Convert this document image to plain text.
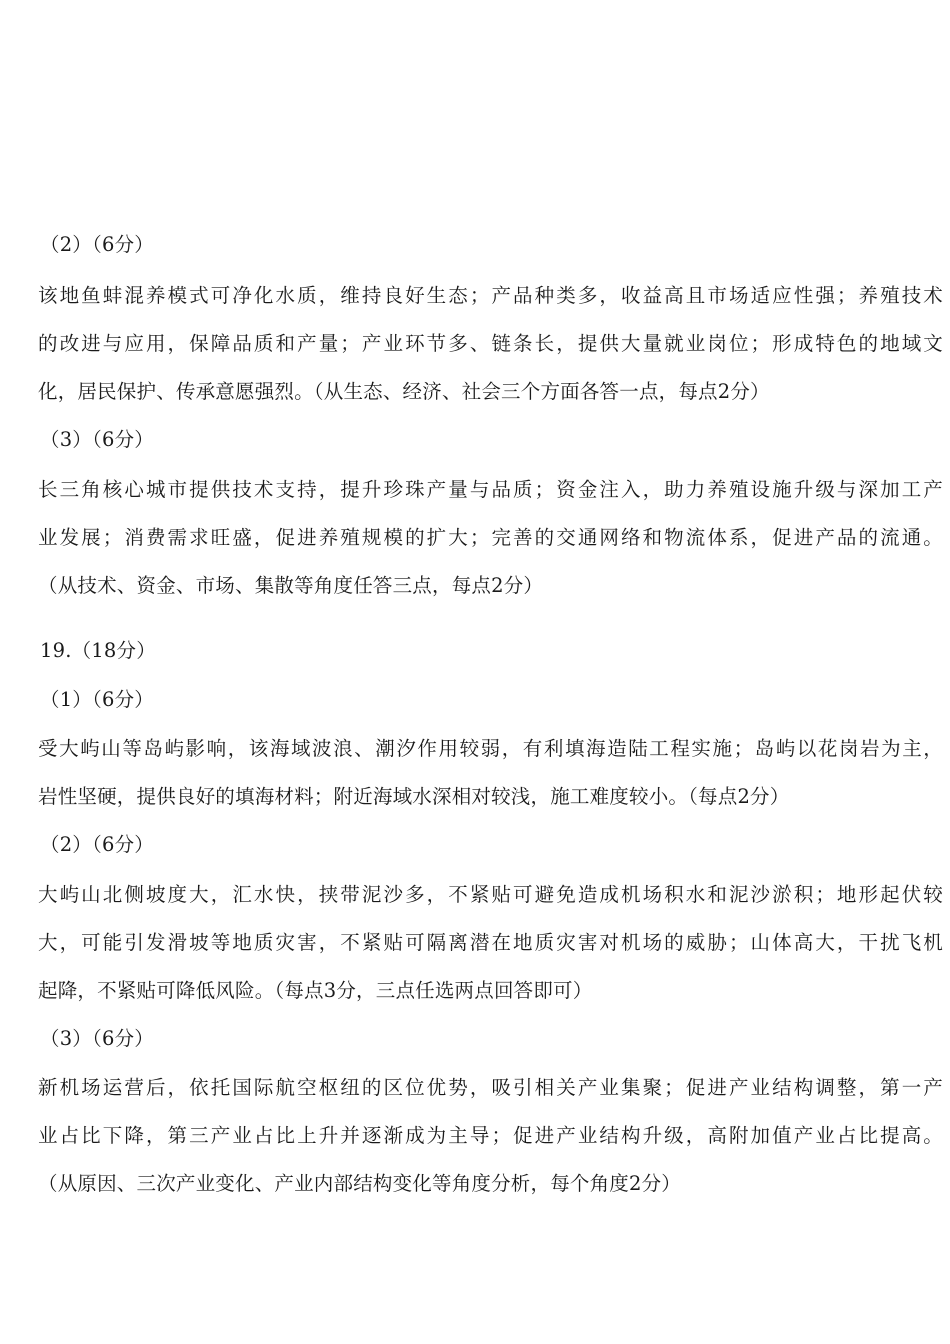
（2）（6分）
该地鱼蚌混养模式可净化水质，维持良好生态；产品种类多，收益高且市场适应性强；养殖技术
的改进与应用，保障品质和产量；产业环节多、链条长，提供大量就业岗位；形成特色的地域文
化，居民保护、传承意愿强烈。（从生态、经济、社会三个方面各答一点，每点2分）
（3）（6分）
长三角核心城市提供技术支持，提升珍珠产量与品质；资金注入，助力养殖设施升级与深加工产
业发展；消费需求旺盛，促进养殖规模的扩大；完善的交通网络和物流体系，促进产品的流通。
（从技术、资金、市场、集散等角度任答三点，每点2分）
19.（18分）
（1）（6分）
受大屿山等岛屿影响，该海域波浪、潮汐作用较弱，有利填海造陆工程实施；岛屿以花岗岩为主，
岩性坚硬，提供良好的填海材料；附近海域水深相对较浅，施工难度较小。（每点2分）
（2）（6分）
大屿山北侧坡度大，汇水快，挟带泥沙多，不紧贴可避免造成机场积水和泥沙淤积；地形起伏较
大，可能引发滑坡等地质灾害，不紧贴可隔离潜在地质灾害对机场的威胁；山体高大，干扰飞机
起降，不紧贴可降低风险。（每点3分，三点任选两点回答即可）
（3）（6分）
新机场运营后，依托国际航空枢纽的区位优势，吸引相关产业集聚；促进产业结构调整，第一产
业占比下降，第三产业占比上升并逐渐成为主导；促进产业结构升级，高附加值产业占比提高。
（从原因、三次产业变化、产业内部结构变化等角度分析，每个角度2分）
